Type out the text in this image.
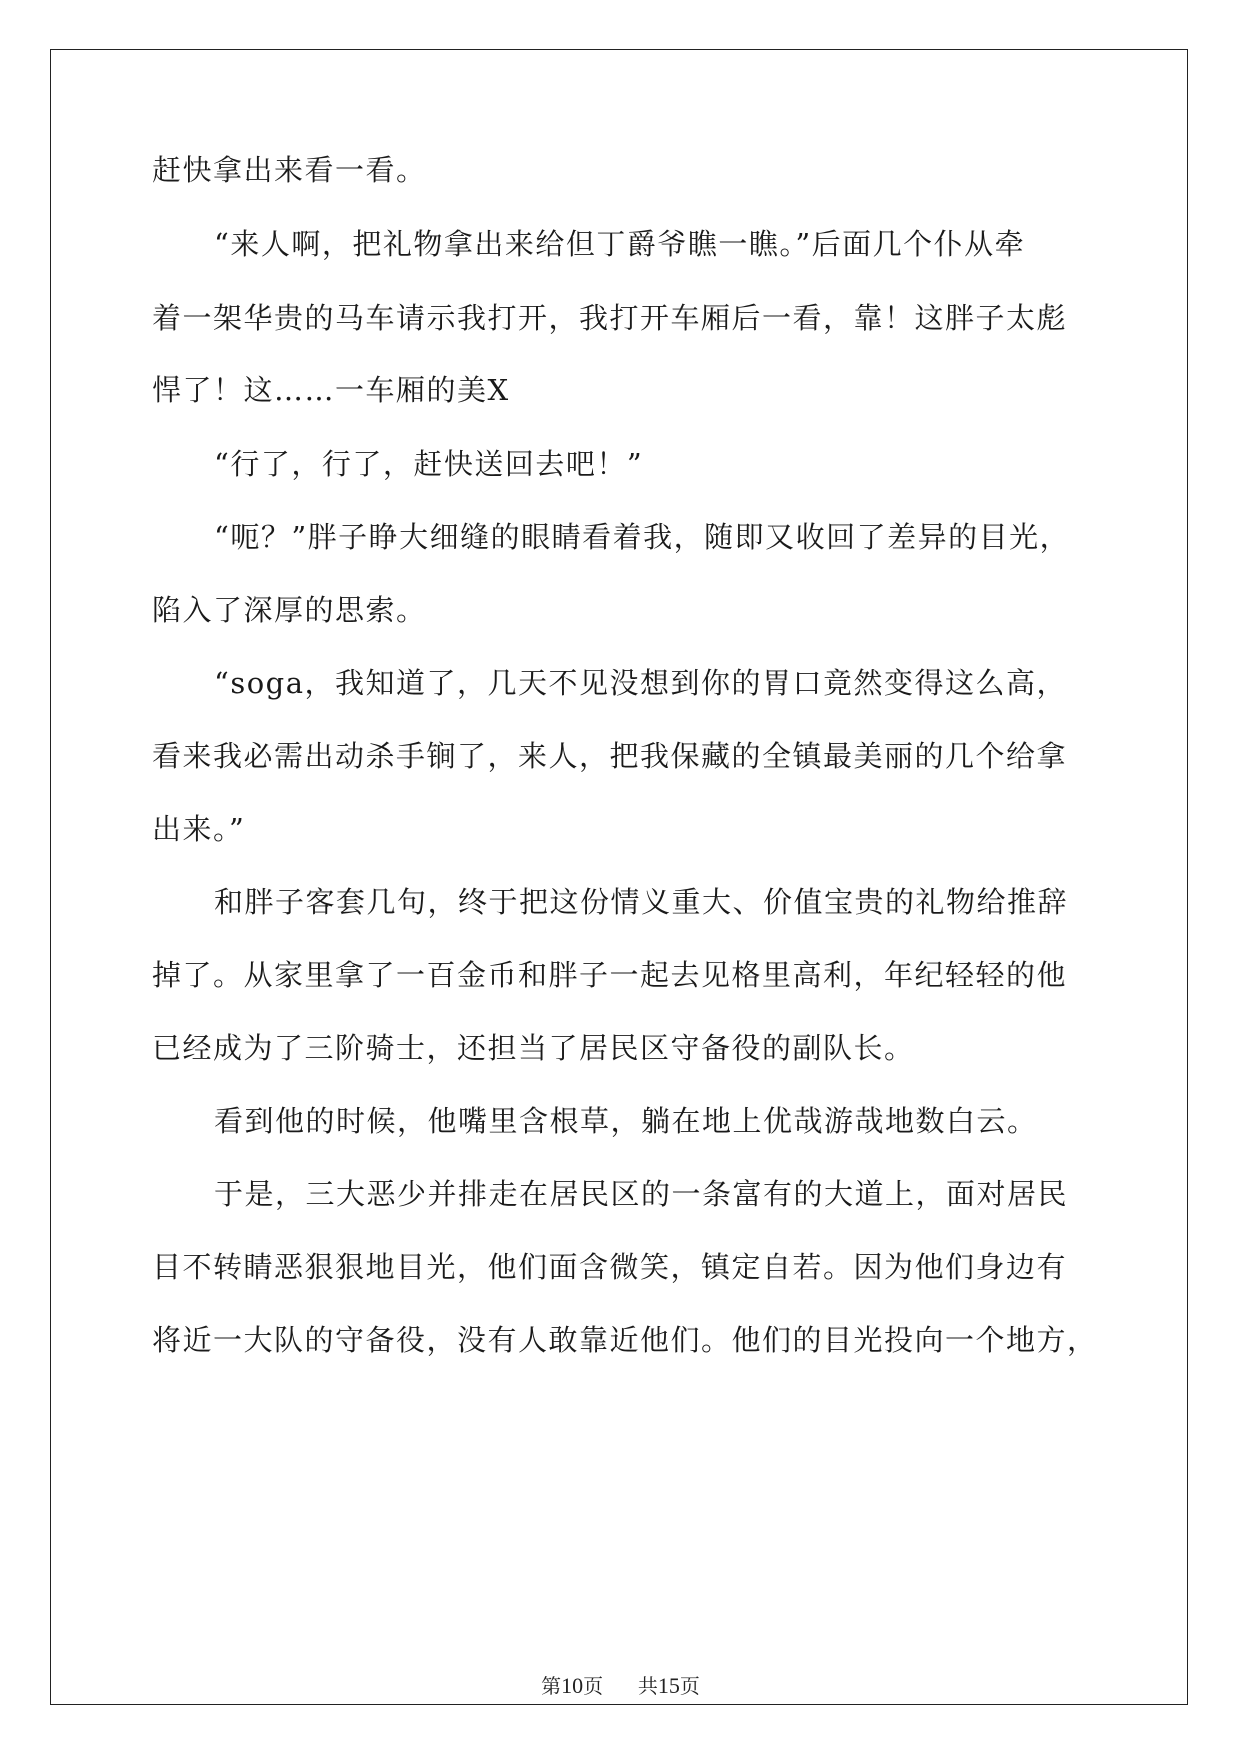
赶快拿出来看一看。
“来人啊，把礼物拿出来给但丁爵爷瞧一瞧。”后面几个仆从牵
着一架华贵的马车请示我打开，我打开车厢后一看，靠！这胖子太彪
悍了！这……一车厢的美X
“行了，行了，赶快送回去吧！”
“呃？”胖子睁大细缝的眼睛看着我，随即又收回了差异的目光，
陷入了深厚的思索。
“soga，我知道了，几天不见没想到你的胃口竟然变得这么高，
看来我必需出动杀手锏了，来人，把我保藏的全镇最美丽的几个给拿
出来。”
和胖子客套几句，终于把这份情义重大、价值宝贵的礼物给推辞
掉了。从家里拿了一百金币和胖子一起去见格里高利，年纪轻轻的他
已经成为了三阶骑士，还担当了居民区守备役的副队长。
看到他的时候，他嘴里含根草，躺在地上优哉游哉地数白云。
于是，三大恶少并排走在居民区的一条富有的大道上，面对居民
目不转睛恶狠狠地目光，他们面含微笑，镇定自若。因为他们身边有
将近一大队的守备役，没有人敢靠近他们。他们的目光投向一个地方，
第10页 共15页
